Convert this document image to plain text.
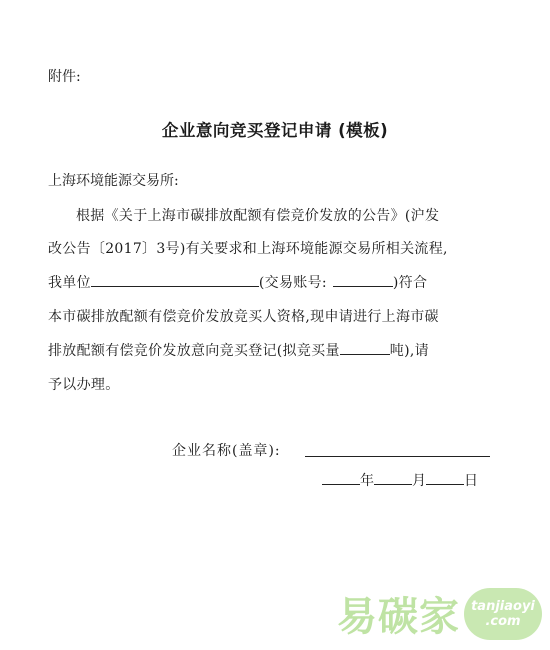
附件:
企业意向竞买登记申请 (模板)
上海环境能源交易所:
根据《关于上海市碳排放配额有偿竞价发放的公告》(沪发
改公告〔2017〕3号)有关要求和上海环境能源交易所相关流程,
我单位	(交易账号:	)符合
本市碳排放配额有偿竞价发放竞买人资格,现申请进行上海市碳
排放配额有偿竞价发放意向竞买登记(拟竞买量	吨),请
予以办理。
企业名称(盖章):
年	月	日
易碳家 tanjiaoyi
.com
